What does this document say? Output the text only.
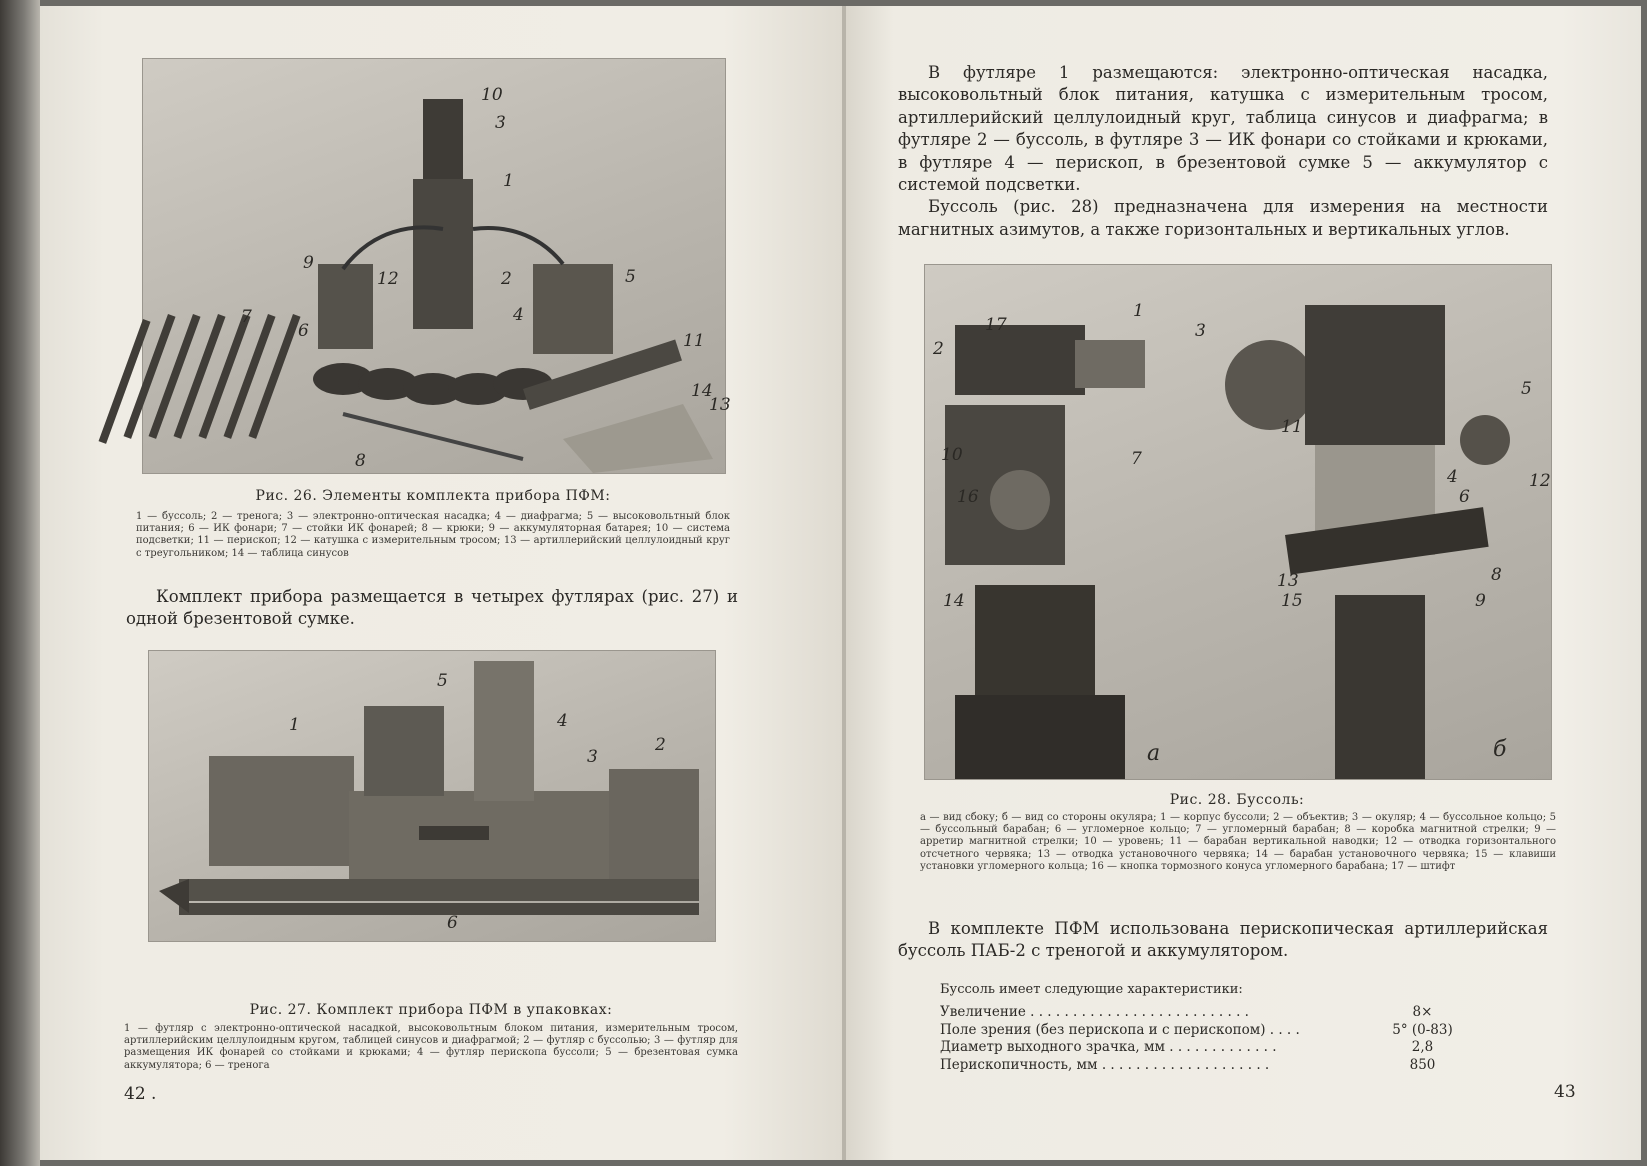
10
3
1
9
12	2	5
7
6
4
11
14
13
8
Рис. 26. Элементы комплекта прибора ПФМ:
1 — буссоль; 2 — тренога; 3 — электронно-оптическая насадка; 4 — диафрагма; 5 — высоковольтный блок питания; 6 — ИК фонари; 7 — стойки ИК фонарей; 8 — крюки; 9 — аккумуляторная батарея; 10 — система подсветки; 11 — перископ; 12 — катушка с измерительным тросом; 13 — артиллерийский целлулоидный круг с треугольником; 14 — таблица синусов

Комплект прибора размещается в четырех футлярах (рис. 27) и одной брезентовой сумке.

1
5
4
3
2
6
Рис. 27. Комплект прибора ПФМ в упаковках:
1 — футляр с электронно-оптической насадкой, высоковольтным блоком питания, измерительным тросом, артиллерийским целлулоидным кругом, таблицей синусов и диафрагмой; 2 — футляр с буссолью; 3 — футляр для размещения ИК фонарей со стойками и крюками; 4 — футляр перископа буссоли; 5 — брезентовая сумка аккумулятора; 6 — тренога
42 .

В футляре 1 размещаются: электронно-оптическая насадка, высоковольтный блок питания, катушка с измерительным тросом, артиллерийский целлулоидный круг, таблица синусов и диафрагма; в футляре 2 — буссоль, в футляре 3 — ИК фонари со стойками и крюками, в футляре 4 — перископ, в брезентовой сумке 5 — аккумулятор с системой подсветки.

Буссоль (рис. 28) предназначена для измерения на местности магнитных азимутов, а также горизонтальных и вертикальных углов.

2
17
1
3
10
16
7
14
11
5
4	12
6
13
15
8
9
а	б
Рис. 28. Буссоль:
а — вид сбоку; б — вид со стороны окуляра; 1 — корпус буссоли; 2 — объектив; 3 — окуляр; 4 — буссольное кольцо; 5 — буссольный барабан; 6 — угломерное кольцо; 7 — угломерный барабан; 8 — коробка магнитной стрелки; 9 — арретир магнитной стрелки; 10 — уровень; 11 — барабан вертикальной наводки; 12 — отводка горизонтального отсчетного червяка; 13 — отводка установочного червяка; 14 — барабан установочного червяка; 15 — клавиши установки угломерного кольца; 16 — кнопка тормозного конуса угломерного барабана; 17 — штифт

В комплекте ПФМ использована перископическая артиллерийская буссоль ПАБ-2 с треногой и аккумулятором.

Буссоль имеет следующие характеристики:
Увеличение . . . . . . . . . . . . . . . . . . . . . . . . . .	8×
Поле зрения (без перископа и с перископом) . . . .	5° (0-83)
Диаметр выходного зрачка, мм . . . . . . . . . . . . .	2,8
Перископичность, мм . . . . . . . . . . . . . . . . . . . .	850
43
